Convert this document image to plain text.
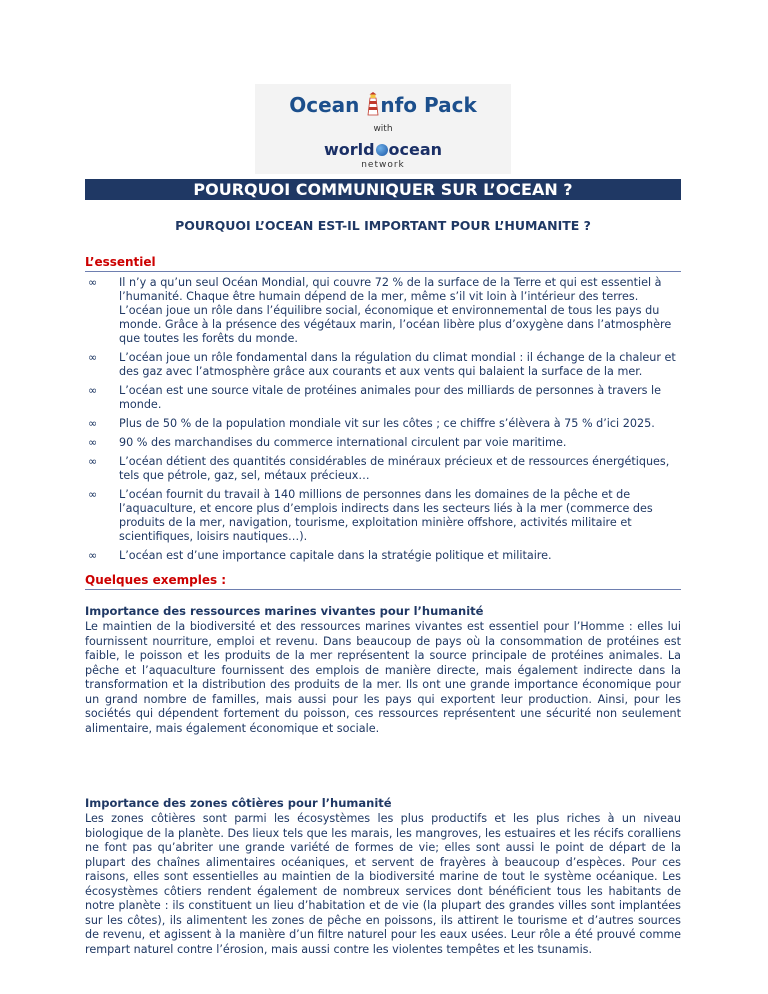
Ocean nfo Pack
with
world ocean
network
POURQUOI COMMUNIQUER SUR L’OCEAN ?
POURQUOI L’OCEAN EST-IL IMPORTANT POUR L’HUMANITE ?
L’essentiel
∞ Il n’y a qu’un seul Océan Mondial, qui couvre 72 % de la surface de la Terre et qui est essentiel à l’humanité. Chaque être humain dépend de la mer, même s’il vit loin à l’intérieur des terres. L’océan joue un rôle dans l’équilibre social, économique et environnemental de tous les pays du monde. Grâce à la présence des végétaux marin, l’océan libère plus d’oxygène dans l’atmosphère que toutes les forêts du monde.
∞ L’océan joue un rôle fondamental dans la régulation du climat mondial : il échange de la chaleur et des gaz avec l’atmosphère grâce aux courants et aux vents qui balaient la surface de la mer.
∞ L’océan est une source vitale de protéines animales pour des milliards de personnes à travers le monde.
∞ Plus de 50 % de la population mondiale vit sur les côtes ; ce chiffre s’élèvera à 75 % d’ici 2025.
∞ 90 % des marchandises du commerce international circulent par voie maritime.
∞ L’océan détient des quantités considérables de minéraux précieux et de ressources énergétiques, tels que pétrole, gaz, sel, métaux précieux…
∞ L’océan fournit du travail à 140 millions de personnes dans les domaines de la pêche et de l’aquaculture, et encore plus d’emplois indirects dans les secteurs liés à la mer (commerce des produits de la mer, navigation, tourisme, exploitation minière offshore, activités militaire et scientifiques, loisirs nautiques…).
∞ L’océan est d’une importance capitale dans la stratégie politique et militaire.
Quelques exemples :
Importance des ressources marines vivantes pour l’humanité
Le maintien de la biodiversité et des ressources marines vivantes est essentiel pour l’Homme : elles lui fournissent nourriture, emploi et revenu. Dans beaucoup de pays où la consommation de protéines est faible, le poisson et les produits de la mer représentent la source principale de protéines animales. La pêche et l’aquaculture fournissent des emplois de manière directe, mais également indirecte dans la transformation et la distribution des produits de la mer. Ils ont une grande importance économique pour un grand nombre de familles, mais aussi pour les pays qui exportent leur production. Ainsi, pour les sociétés qui dépendent fortement du poisson, ces ressources représentent une sécurité non seulement alimentaire, mais également économique et sociale.
Importance des zones côtières pour l’humanité
Les zones côtières sont parmi les écosystèmes les plus productifs et les plus riches à un niveau biologique de la planète. Des lieux tels que les marais, les mangroves, les estuaires et les récifs coralliens ne font pas qu’abriter une grande variété de formes de vie; elles sont aussi le point de départ de la plupart des chaînes alimentaires océaniques, et servent de frayères à beaucoup d’espèces. Pour ces raisons, elles sont essentielles au maintien de la biodiversité marine de tout le système océanique. Les écosystèmes côtiers rendent également de nombreux services dont bénéficient tous les habitants de notre planète : ils constituent un lieu d’habitation et de vie (la plupart des grandes villes sont implantées sur les côtes), ils alimentent les zones de pêche en poissons, ils attirent le tourisme et d’autres sources de revenu, et agissent à la manière d’un filtre naturel pour les eaux usées. Leur rôle a été prouvé comme rempart naturel contre l’érosion, mais aussi contre les violentes tempêtes et les tsunamis.
